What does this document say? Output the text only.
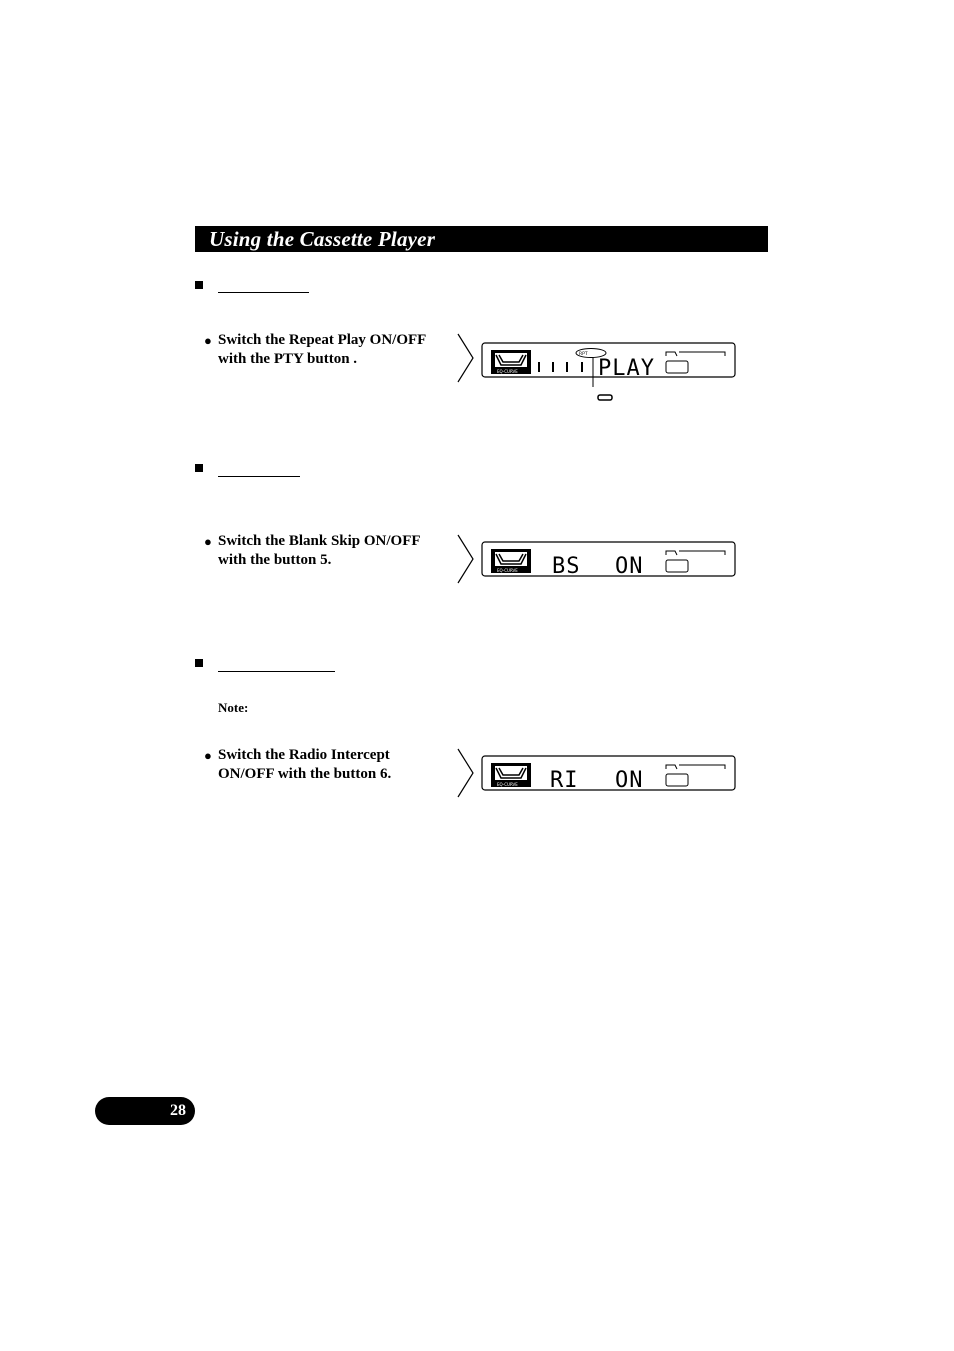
Using the Cassette Player
● Switch the Repeat Play ON/OFF
with the PTY button .
EQ-CURVE
RPT
PLAY
● Switch the Blank Skip ON/OFF
with the button 5.
EQ-CURVE BS ON
Note:
● Switch the Radio Intercept
ON/OFF with the button 6.
EQ-CURVE RI ON
28
